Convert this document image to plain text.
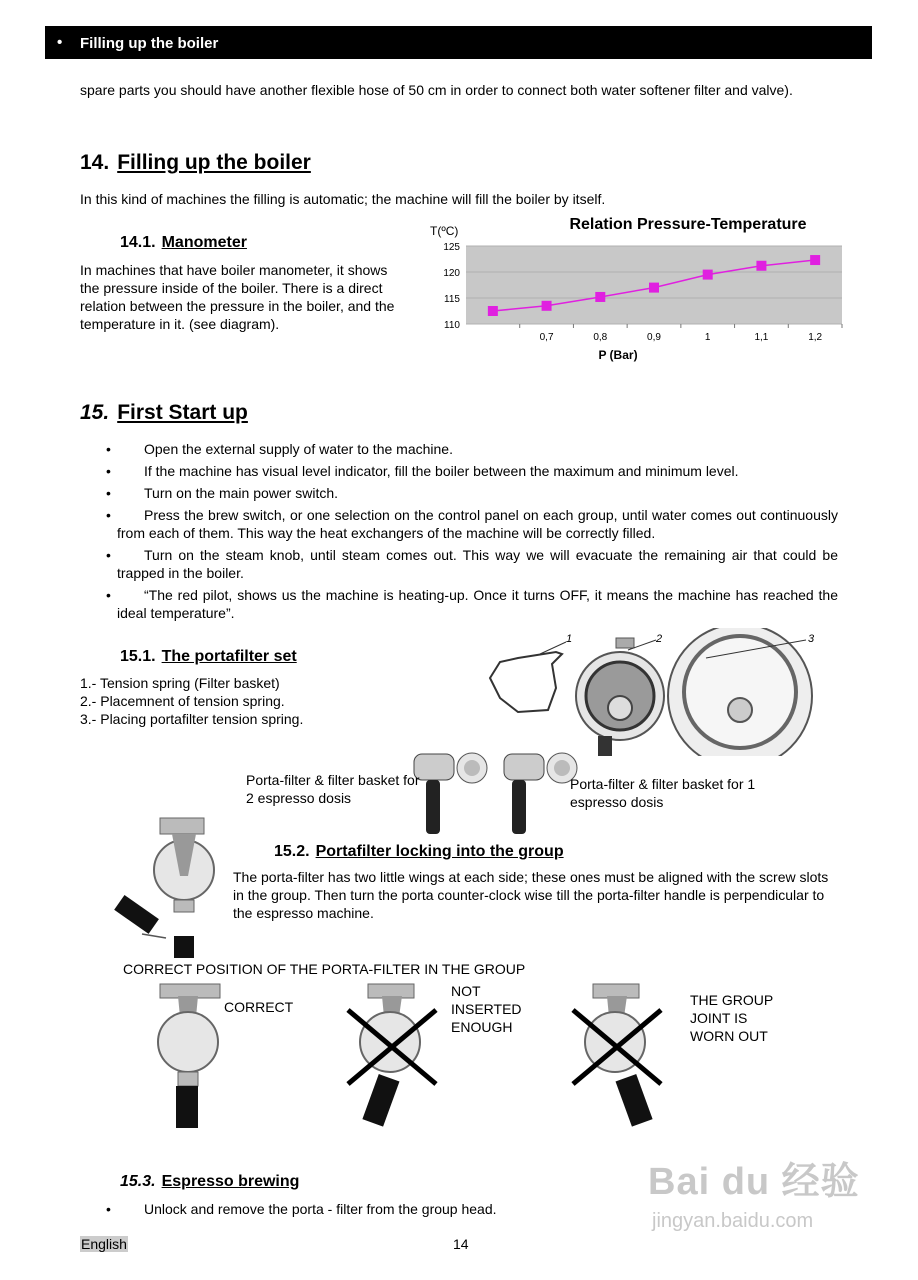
• Filling up the boiler
spare parts you should have another flexible hose of 50 cm in order to connect both water softener filter and valve).
14. Filling up the boiler
In this kind of machines the filling is automatic; the machine will fill the boiler by itself.
14.1. Manometer
In machines that have boiler manometer, it shows the pressure inside of the boiler. There is a direct relation between the pressure in the boiler, and the temperature in it. (see diagram).
Relation Pressure-Temperature
T(ºC)
125
120
115
110
0,7	0,8	0,9	1	1,1	1,2
P (Bar)
15. First Start up
• Open the external supply of water to the machine.
• If the machine has visual level indicator, fill the boiler between the maximum and minimum level.
• Turn on the main power switch.
• Press the brew switch, or one selection on the control panel on each group, until water comes out continuously from each of them. This way the heat exchangers of the machine will be correctly filled.
• Turn on the steam knob, until steam comes out. This way we will evacuate the remaining air that could be trapped in the boiler.
• “The red pilot, shows us the machine is heating-up. Once it turns OFF, it means the machine has reached the ideal temperature”.
15.1. The portafilter set
1.- Tension spring (Filter basket)
2.- Placemnent of tension spring.
3.- Placing portafilter tension spring.
1	2	3
Porta-filter & filter basket for 2 espresso dosis
Porta-filter & filter basket for 1 espresso dosis
15.2. Portafilter locking into the group
The porta-filter has two little wings at each side; these ones must be aligned with the screw slots in the group. Then turn the porta counter-clock wise till the porta-filter handle is perpendicular to the espresso machine.
CORRECT POSITION OF THE PORTA-FILTER IN THE GROUP
CORRECT
NOT INSERTED ENOUGH
THE GROUP JOINT IS WORN OUT
15.3. Espresso brewing
• Unlock and remove the porta - filter from the group head.
Bai du 经验
jingyan.baidu.com
English	14
